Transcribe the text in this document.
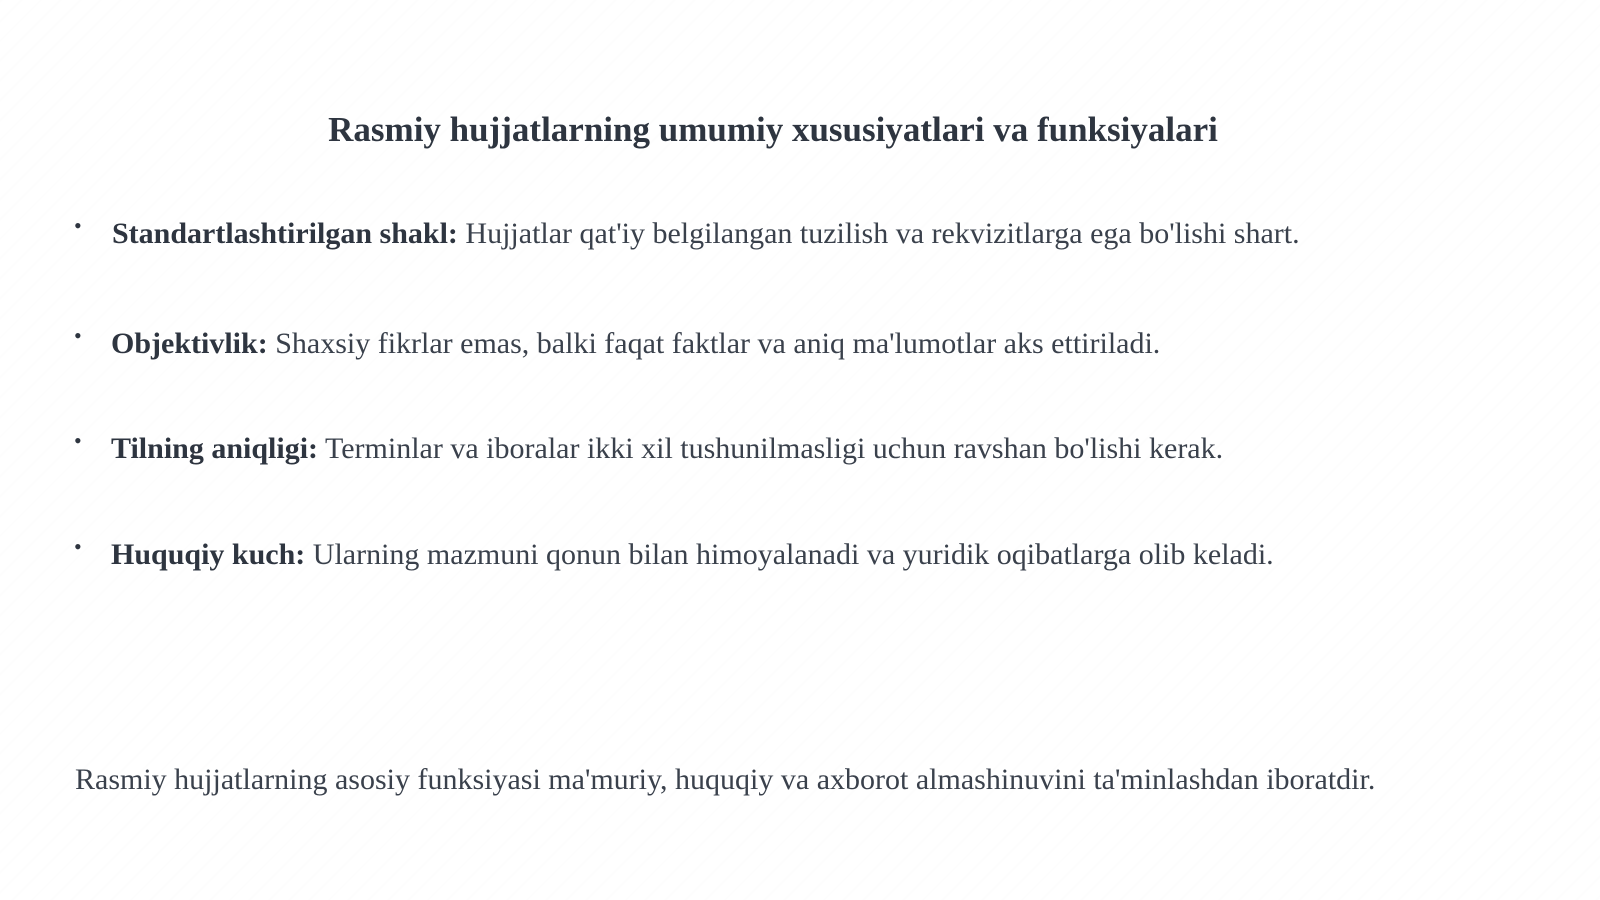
Rasmiy hujjatlarning umumiy xususiyatlari va funksiyalari
• Standartlashtirilgan shakl: Hujjatlar qat'iy belgilangan tuzilish va rekvizitlarga ega bo'lishi shart.
• Objektivlik: Shaxsiy fikrlar emas, balki faqat faktlar va aniq ma'lumotlar aks ettiriladi.
• Tilning aniqligi: Terminlar va iboralar ikki xil tushunilmasligi uchun ravshan bo'lishi kerak.
• Huquqiy kuch: Ularning mazmuni qonun bilan himoyalanadi va yuridik oqibatlarga olib keladi.

Rasmiy hujjatlarning asosiy funksiyasi ma'muriy, huquqiy va axborot almashinuvini ta'minlashdan iboratdir.
